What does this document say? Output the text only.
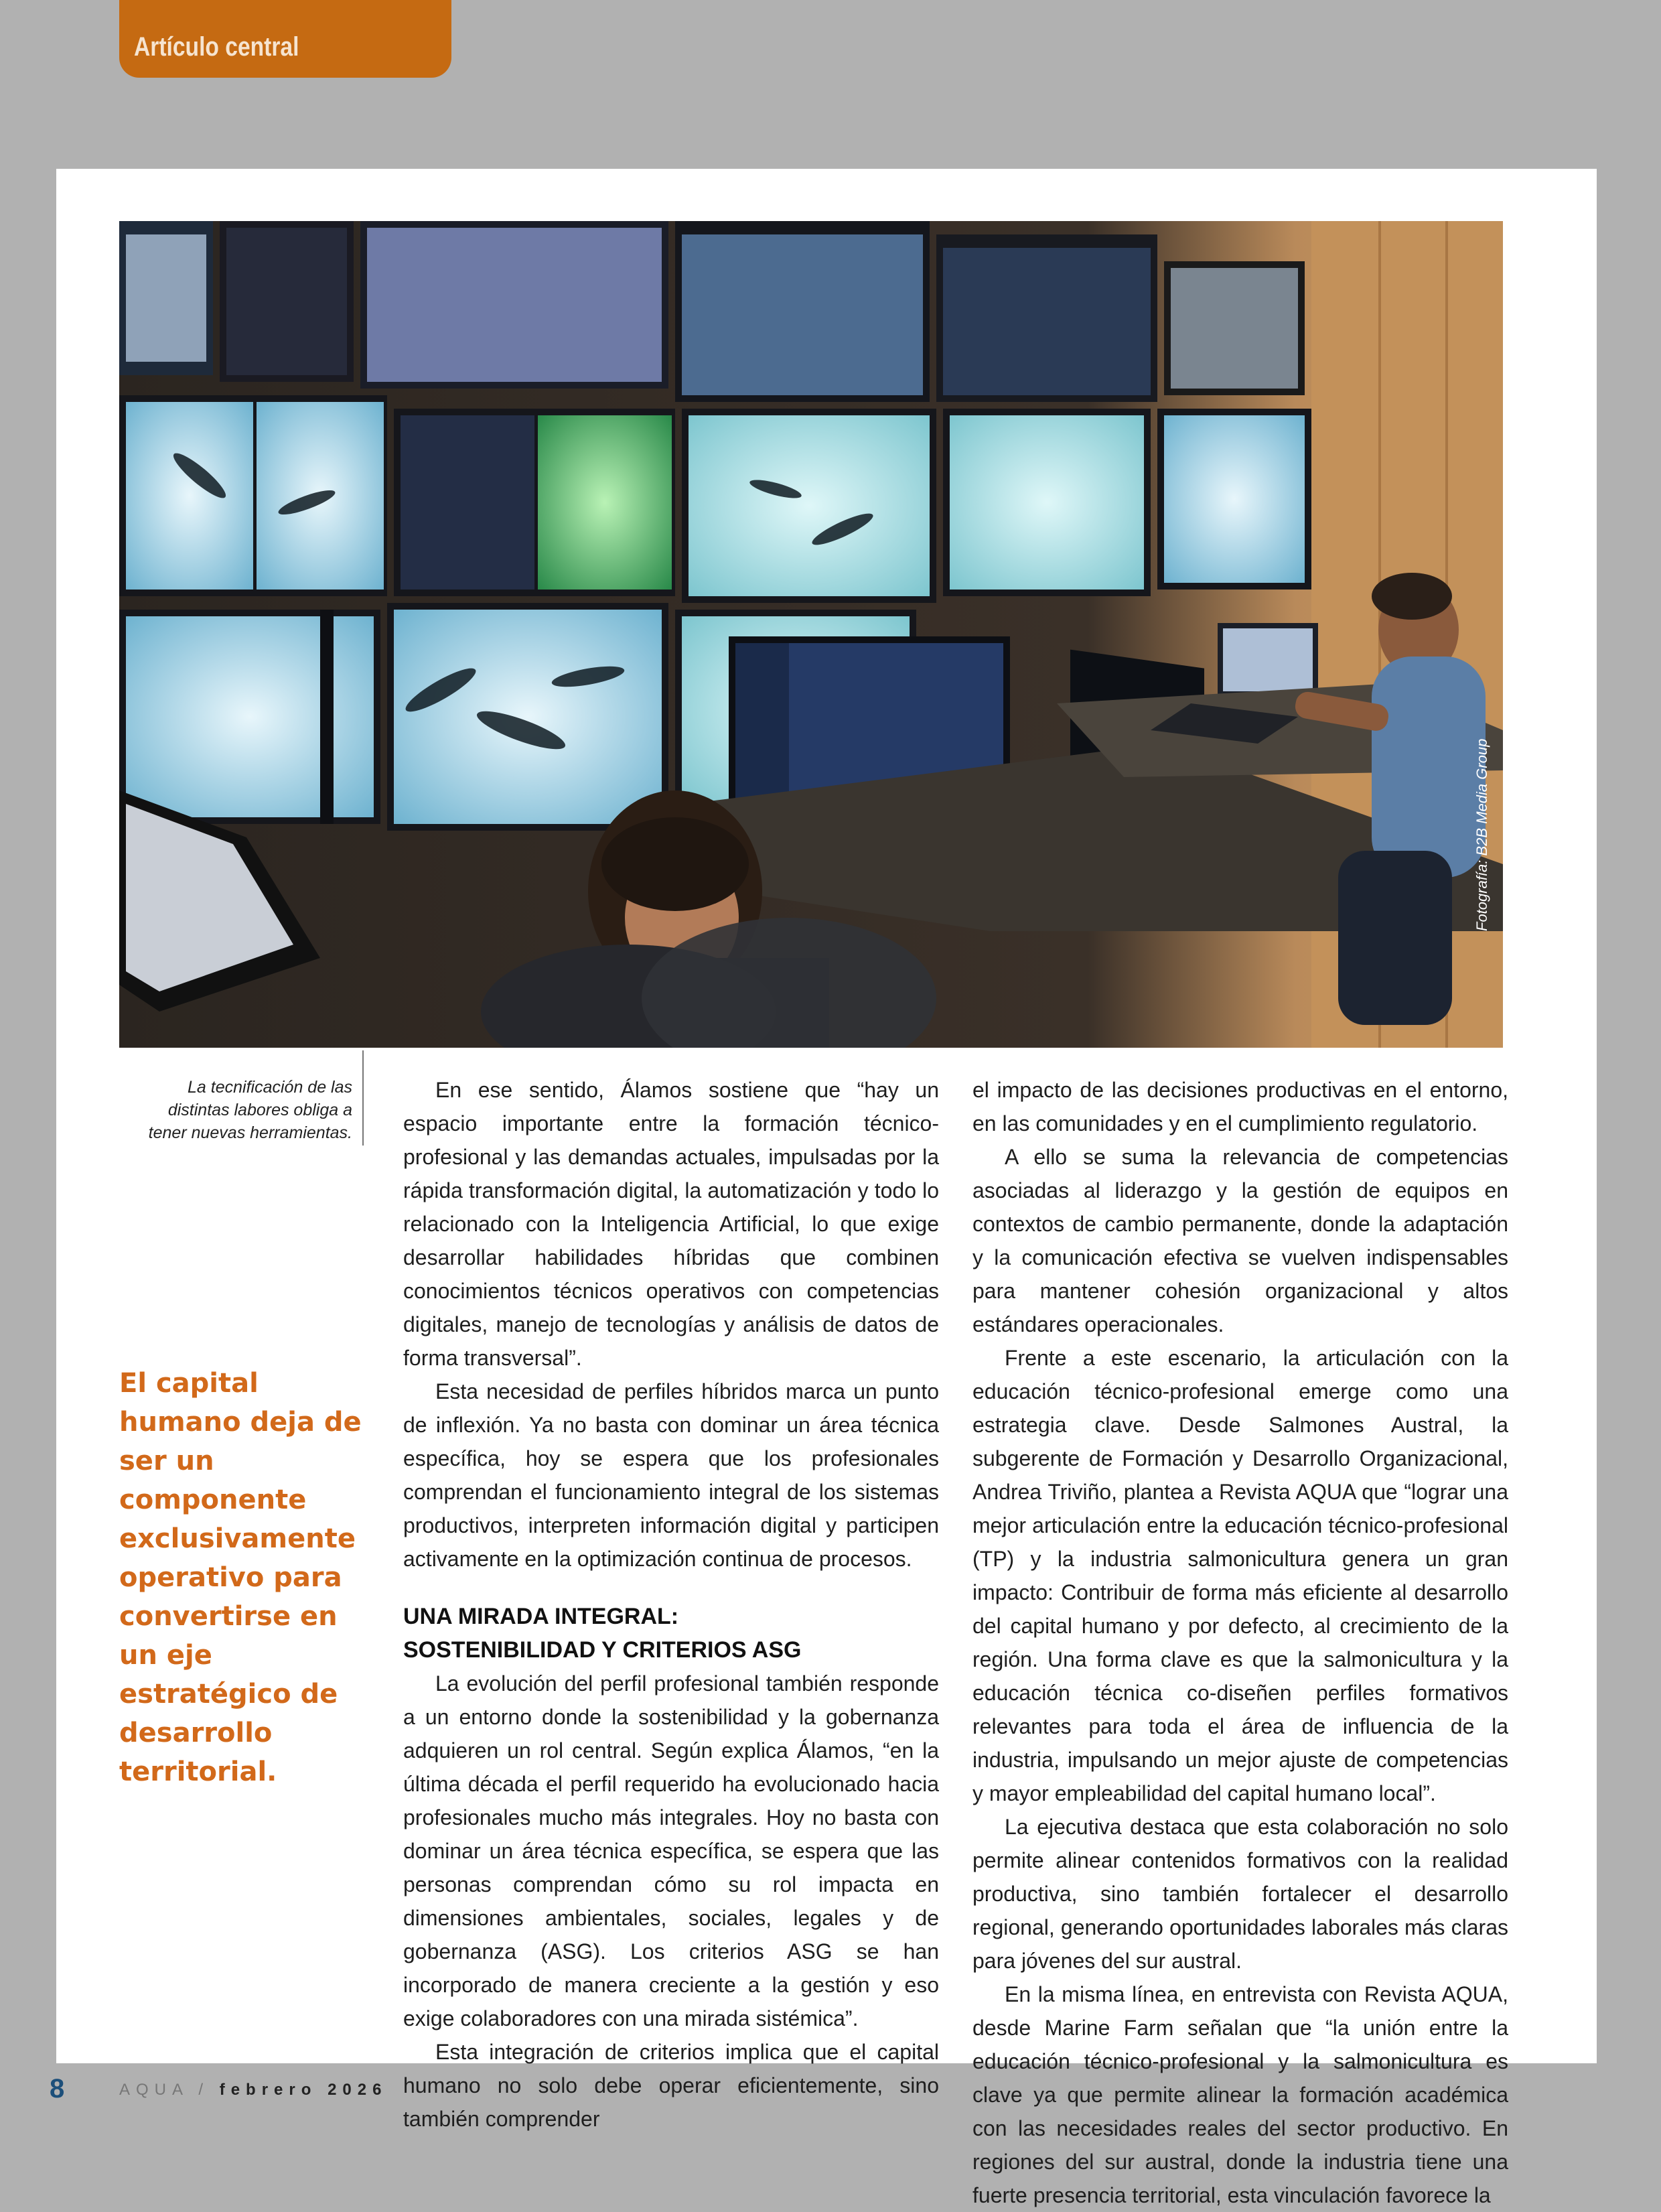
Artículo central
Fotografía: B2B Media Group
La tecnificación de las distintas labores obliga a tener nuevas herramientas.
El capital humano deja de ser un componente exclusivamente operativo para convertirse en un eje estratégico de desarrollo territorial.

En ese sentido, Álamos sostiene que “hay un espacio importante entre la formación técnico-profesional y las demandas actuales, impulsadas por la rápida transformación digital, la automatización y todo lo relacionado con la Inteligencia Artificial, lo que exige desarrollar habilidades híbridas que combinen conocimientos técnicos operativos con competencias digitales, manejo de tecnologías y análisis de datos de forma transversal”.

Esta necesidad de perfiles híbridos marca un punto de inflexión. Ya no basta con dominar un área técnica específica, hoy se espera que los profesionales comprendan el funcionamiento integral de los sistemas productivos, interpreten información digital y participen activamente en la optimización continua de procesos.

UNA MIRADA INTEGRAL:
SOSTENIBILIDAD Y CRITERIOS ASG

La evolución del perfil profesional también responde a un entorno donde la sostenibilidad y la gobernanza adquieren un rol central. Según explica Álamos, “en la última década el perfil requerido ha evolucionado hacia profesionales mucho más integrales. Hoy no basta con dominar un área técnica específica, se espera que las personas comprendan cómo su rol impacta en dimensiones ambientales, sociales, legales y de gobernanza (ASG). Los criterios ASG se han incorporado de manera creciente a la gestión y eso exige colaboradores con una mirada sistémica”.

Esta integración de criterios implica que el capital humano no solo debe operar eficientemente, sino también comprender

el impacto de las decisiones productivas en el entorno, en las comunidades y en el cumplimiento regulatorio.

A ello se suma la relevancia de competencias asociadas al liderazgo y la gestión de equipos en contextos de cambio permanente, donde la adaptación y la comunicación efectiva se vuelven indispensables para mantener cohesión organizacional y altos estándares operacionales.

Frente a este escenario, la articulación con la educación técnico-profesional emerge como una estrategia clave. Desde Salmones Austral, la subgerente de Formación y Desarrollo Organizacional, Andrea Triviño, plantea a Revista AQUA que “lograr una mejor articulación entre la educación técnico-profesional (TP) y la industria salmonicultura genera un gran impacto: Contribuir de forma más eficiente al desarrollo del capital humano y por defecto, al crecimiento de la región. Una forma clave es que la salmonicultura y la educación técnica co-diseñen perfiles formativos relevantes para toda el área de influencia de la industria, impulsando un mejor ajuste de competencias y mayor empleabilidad del capital humano local”.

La ejecutiva destaca que esta colaboración no solo permite alinear contenidos formativos con la realidad productiva, sino también fortalecer el desarrollo regional, generando oportunidades laborales más claras para jóvenes del sur austral.

En la misma línea, en entrevista con Revista AQUA, desde Marine Farm señalan que “la unión entre la educación técnico-profesional y la salmonicultura es clave ya que permite alinear la formación académica con las necesidades reales del sector productivo. En regiones del sur austral, donde la industria tiene una fuerte presencia territorial, esta vinculación favorece la

8	AQUA / febrero 2026
